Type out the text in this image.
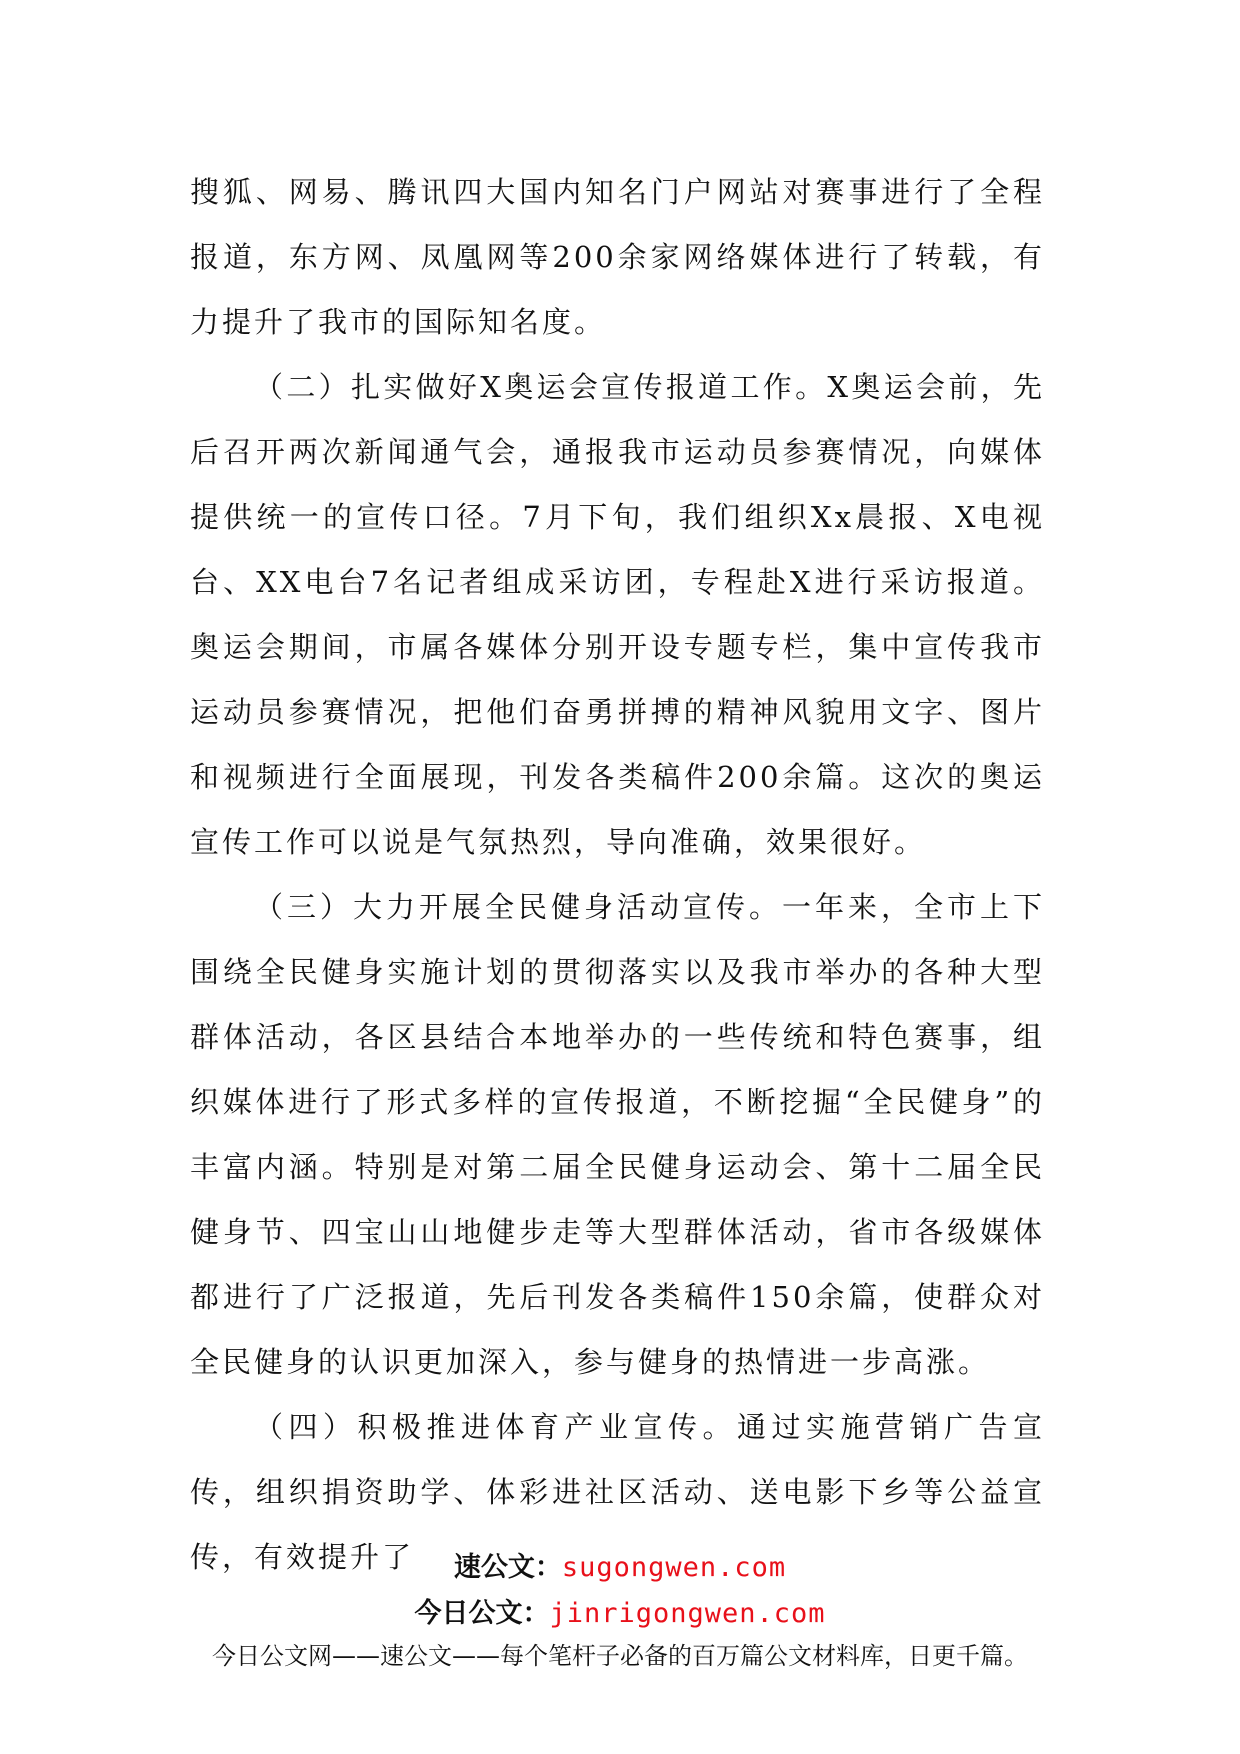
搜狐、网易、腾讯四大国内知名门户网站对赛事进行了全程报道，东方网、凤凰网等200余家网络媒体进行了转载，有力提升了我市的国际知名度。

（二）扎实做好X奥运会宣传报道工作。X奥运会前，先后召开两次新闻通气会，通报我市运动员参赛情况，向媒体提供统一的宣传口径。7月下旬，我们组织Xx晨报、X电视台、XX电台7名记者组成采访团，专程赴X进行采访报道。奥运会期间，市属各媒体分别开设专题专栏，集中宣传我市运动员参赛情况，把他们奋勇拼搏的精神风貌用文字、图片和视频进行全面展现，刊发各类稿件200余篇。这次的奥运宣传工作可以说是气氛热烈，导向准确，效果很好。

（三）大力开展全民健身活动宣传。一年来，全市上下围绕全民健身实施计划的贯彻落实以及我市举办的各种大型群体活动，各区县结合本地举办的一些传统和特色赛事，组织媒体进行了形式多样的宣传报道，不断挖掘“全民健身”的丰富内涵。特别是对第二届全民健身运动会、第十二届全民健身节、四宝山山地健步走等大型群体活动，省市各级媒体都进行了广泛报道，先后刊发各类稿件150余篇，使群众对全民健身的认识更加深入，参与健身的热情进一步高涨。

（四）积极推进体育产业宣传。通过实施营销广告宣传，组织捐资助学、体彩进社区活动、送电影下乡等公益宣传，有效提升了	速公文：sugongwen.com
今日公文：jinrigongwen.com
今日公文网——速公文——每个笔杆子必备的百万篇公文材料库，日更千篇。
